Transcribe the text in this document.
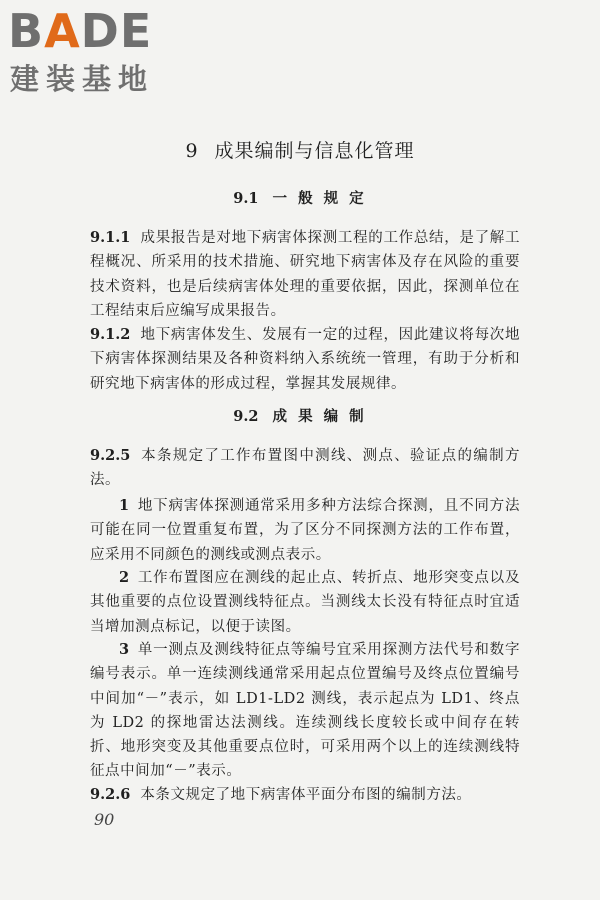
BADE
建装基地
9 成果编制与信息化管理
9.1 一 般 规 定

9.1.1 成果报告是对地下病害体探测工程的工作总结，是了解工程概况、所采用的技术措施、研究地下病害体及存在风险的重要技术资料，也是后续病害体处理的重要依据，因此，探测单位在工程结束后应编写成果报告。

9.1.2 地下病害体发生、发展有一定的过程，因此建议将每次地下病害体探测结果及各种资料纳入系统统一管理，有助于分析和研究地下病害体的形成过程，掌握其发展规律。

9.2 成 果 编 制

9.2.5 本条规定了工作布置图中测线、测点、验证点的编制方法。

1 地下病害体探测通常采用多种方法综合探测，且不同方法可能在同一位置重复布置，为了区分不同探测方法的工作布置，应采用不同颜色的测线或测点表示。

2 工作布置图应在测线的起止点、转折点、地形突变点以及其他重要的点位设置测线特征点。当测线太长没有特征点时宜适当增加测点标记，以便于读图。

3 单一测点及测线特征点等编号宜采用探测方法代号和数字编号表示。单一连续测线通常采用起点位置编号及终点位置编号中间加“－”表示，如 LD1-LD2 测线，表示起点为 LD1、终点为 LD2 的探地雷达法测线。连续测线长度较长或中间存在转折、地形突变及其他重要点位时，可采用两个以上的连续测线特征点中间加“－”表示。

9.2.6 本条文规定了地下病害体平面分布图的编制方法。

90
